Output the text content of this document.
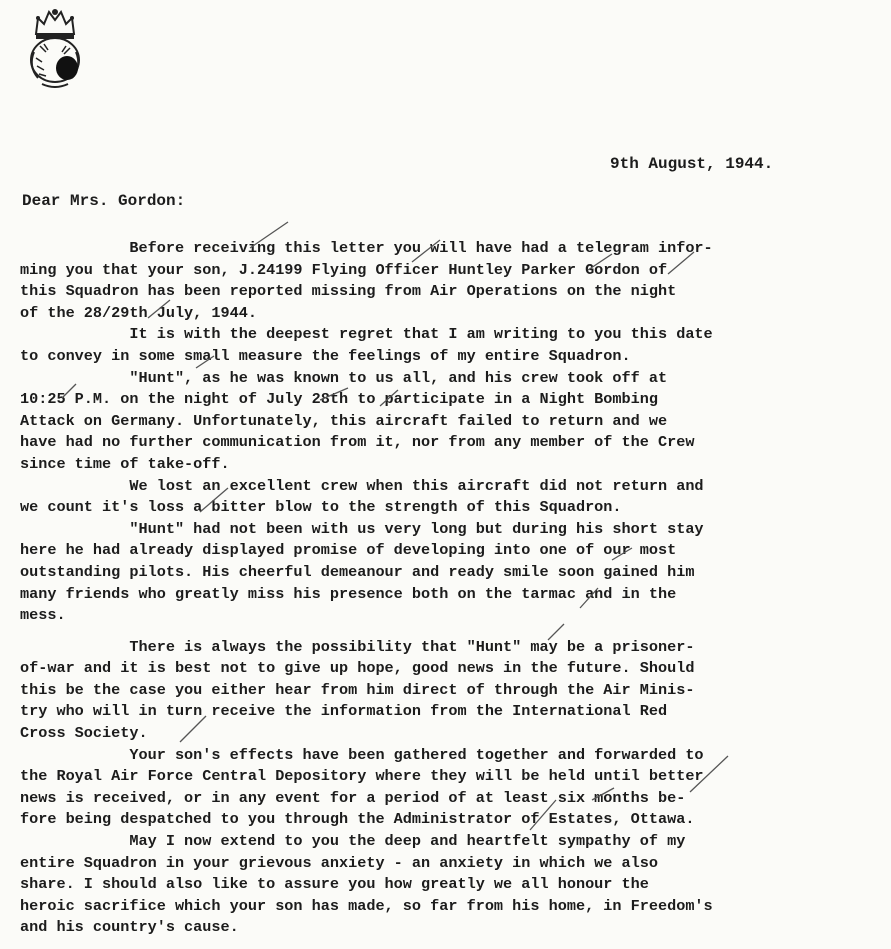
9th August, 1944.
Dear Mrs. Gordon:
Before receiving this letter you will have had a telegram infor-
ming you that your son, J.24199 Flying Officer Huntley Parker Gordon of
this Squadron has been reported missing from Air Operations on the night
of the 28/29th July, 1944.
It is with the deepest regret that I am writing to you this date
to convey in some small measure the feelings of my entire Squadron.
"Hunt", as he was known to us all, and his crew took off at
10:25 P.M. on the night of July 28th to participate in a Night Bombing
Attack on Germany. Unfortunately, this aircraft failed to return and we
have had no further communication from it, nor from any member of the Crew
since time of take-off.
We lost an excellent crew when this aircraft did not return and
we count it's loss a bitter blow to the strength of this Squadron.
"Hunt" had not been with us very long but during his short stay
here he had already displayed promise of developing into one of our most
outstanding pilots. His cheerful demeanour and ready smile soon gained him
many friends who greatly miss his presence both on the tarmac and in the
mess.
There is always the possibility that "Hunt" may be a prisoner-
of-war and it is best not to give up hope, good news in the future. Should
this be the case you either hear from him direct of through the Air Minis-
try who will in turn receive the information from the International Red
Cross Society.
Your son's effects have been gathered together and forwarded to
the Royal Air Force Central Depository where they will be held until better
news is received, or in any event for a period of at least six months be-
fore being despatched to you through the Administrator of Estates, Ottawa.
May I now extend to you the deep and heartfelt sympathy of my
entire Squadron in your grievous anxiety - an anxiety in which we also
share. I should also like to assure you how greatly we all honour the
heroic sacrifice which your son has made, so far from his home, in Freedom's
and his country's cause.
